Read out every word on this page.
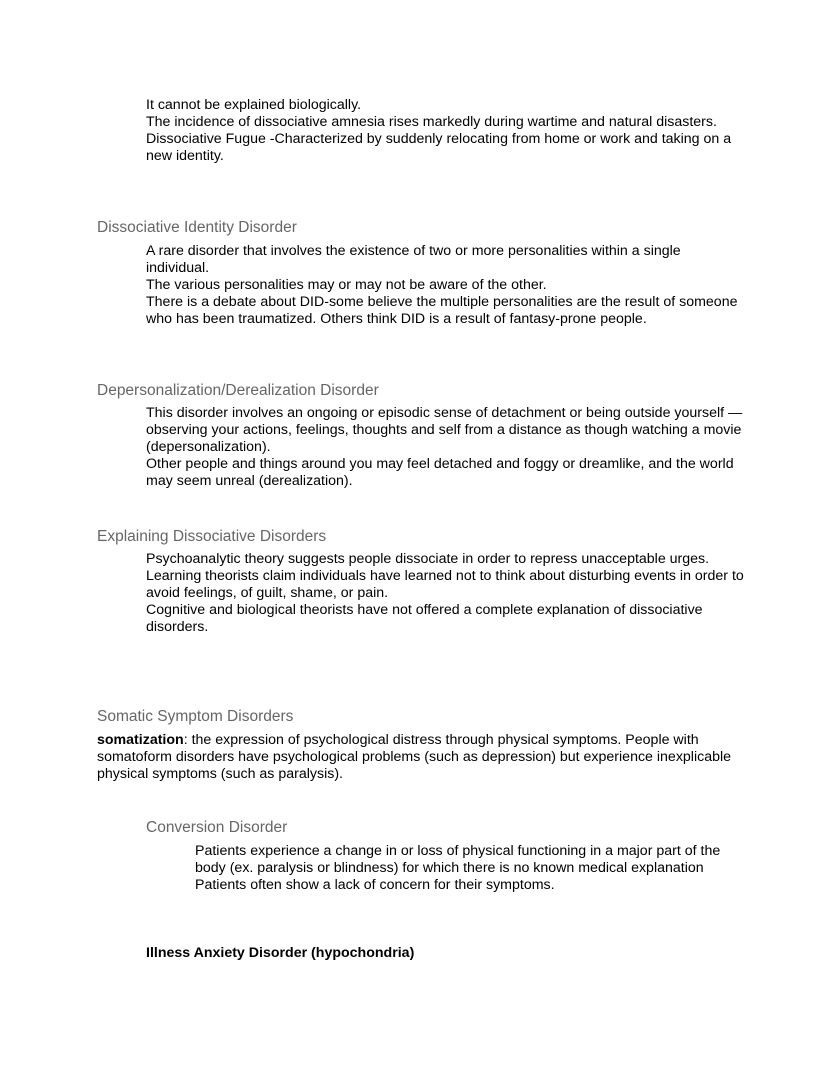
It cannot be explained biologically.

The incidence of dissociative amnesia rises markedly during wartime and natural disasters.

Dissociative Fugue -Characterized by suddenly relocating from home or work and taking on a new identity.

Dissociative Identity Disorder

A rare disorder that involves the existence of two or more personalities within a single individual.

The various personalities may or may not be aware of the other.

There is a debate about DID-some believe the multiple personalities are the result of someone who has been traumatized. Others think DID is a result of fantasy-prone people.

Depersonalization/Derealization Disorder

This disorder involves an ongoing or episodic sense of detachment or being outside yourself — observing your actions, feelings, thoughts and self from a distance as though watching a movie (depersonalization).

Other people and things around you may feel detached and foggy or dreamlike, and the world may seem unreal (derealization).

Explaining Dissociative Disorders

Psychoanalytic theory suggests people dissociate in order to repress unacceptable urges.

Learning theorists claim individuals have learned not to think about disturbing events in order to avoid feelings, of guilt, shame, or pain.

Cognitive and biological theorists have not offered a complete explanation of dissociative disorders.

Somatic Symptom Disorders

somatization: the expression of psychological distress through physical symptoms. People with somatoform disorders have psychological problems (such as depression) but experience inexplicable physical symptoms (such as paralysis).

Conversion Disorder

Patients experience a change in or loss of physical functioning in a major part of the body (ex. paralysis or blindness) for which there is no known medical explanation

Patients often show a lack of concern for their symptoms.

Illness Anxiety Disorder (hypochondria)
